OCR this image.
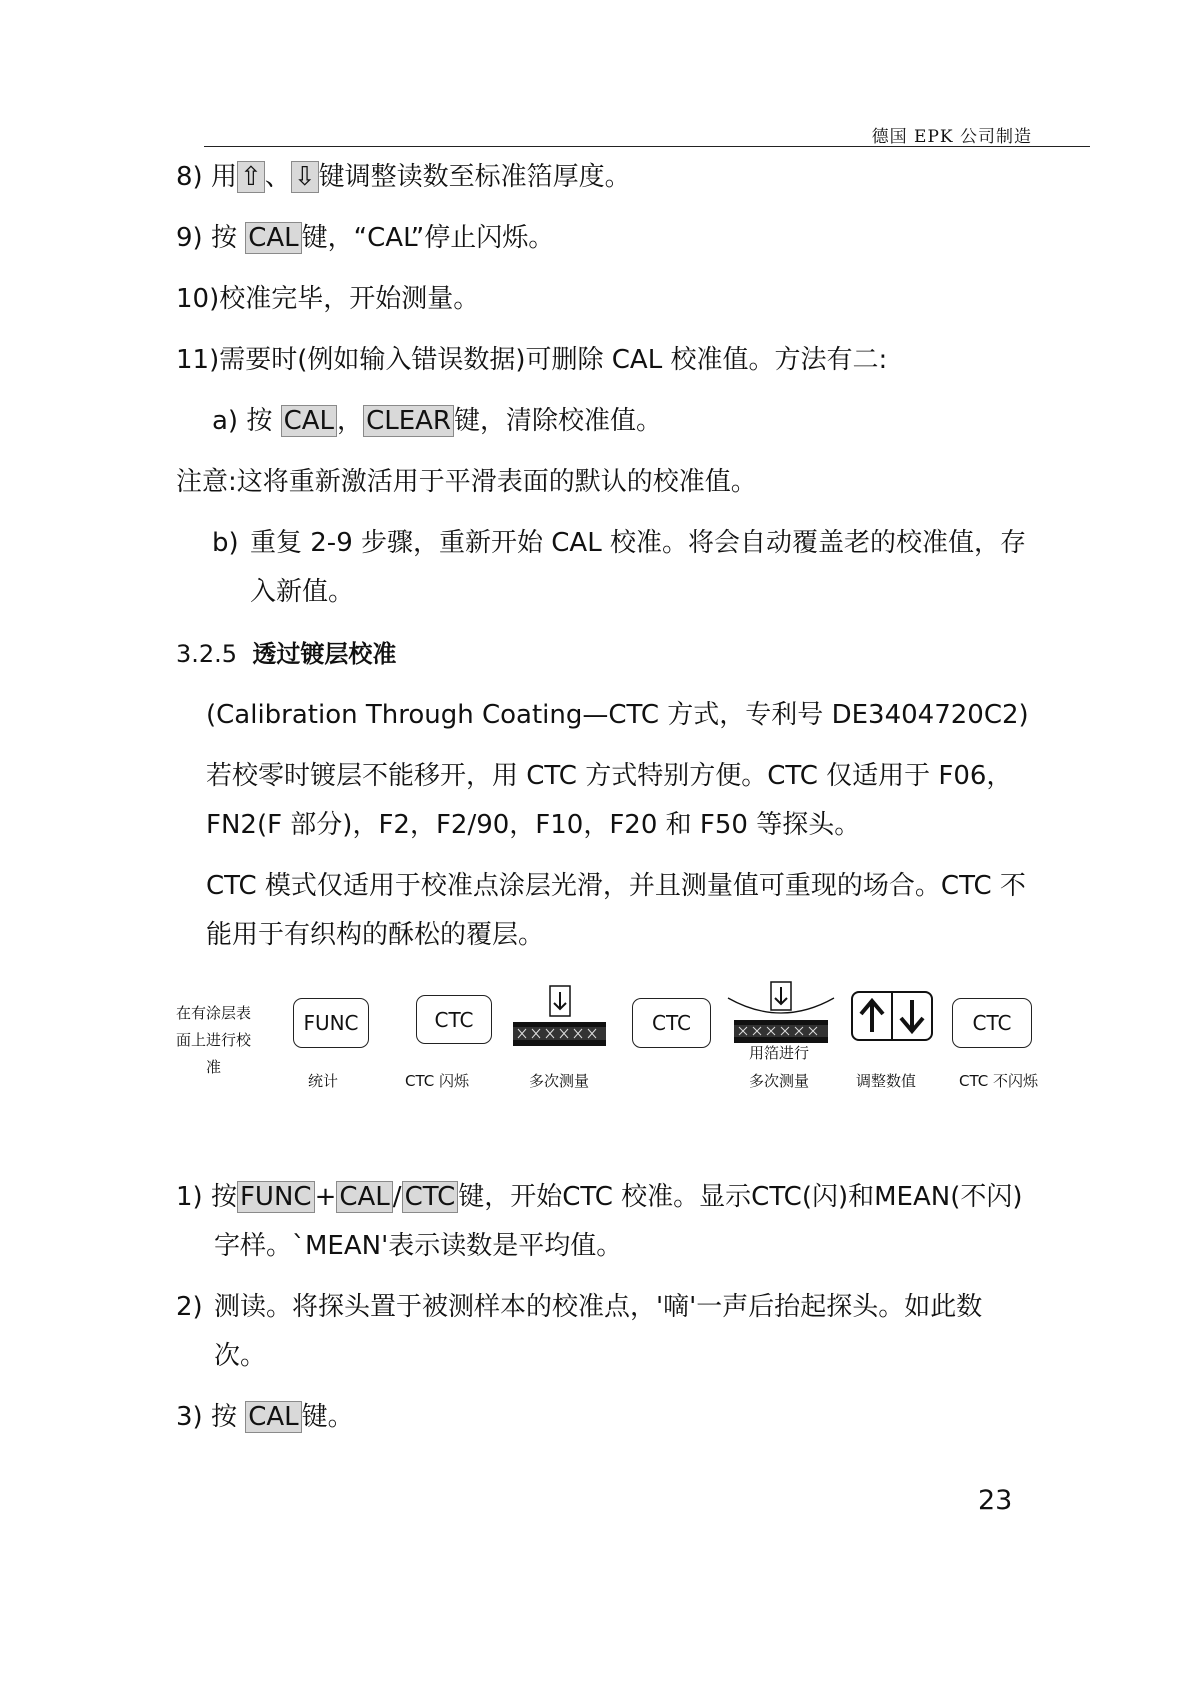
德国 EPK 公司制造
8) 用 ⇧ 、 ⇩ 键调整读数至标准箔厚度。
9) 按 CAL 键，“CAL”停止闪烁。
10)校准完毕，开始测量。
11)需要时(例如输入错误数据)可删除 CAL 校准值。方法有二:
a) 按 CAL ， CLEAR键，清除校准值。
注意:这将重新激活用于平滑表面的默认的校准值。
b) 重复 2-9 步骤，重新开始 CAL 校准。将会自动覆盖老的校准值，存
入新值。
3.2.5 透过镀层校准
(Calibration Through Coating—CTC 方式，专利号 DE3404720C2)
若校零时镀层不能移开，用 CTC 方式特别方便。CTC 仅适用于 F06，
FN2(F 部分)，F2，F2/90，F10，F20 和 F50 等探头。
CTC 模式仅适用于校准点涂层光滑，并且测量值可重现的场合。CTC 不
能用于有织构的酥松的覆层。
在有涂层表
面上进行校
准
FUNC	CTC	CTC	CTC
统计	CTC 闪烁	多次测量
用箔进行
多次测量	调整数值	CTC 不闪烁
1) 按 FUNC + CAL / CTC 键，开始CTC 校准。显示CTC(闪)和MEAN(不闪)
字样。`MEAN'表示读数是平均值。
2) 测读。将探头置于被测样本的校准点，'嘀'一声后抬起探头。如此数
次。
3) 按 CAL键。
23
